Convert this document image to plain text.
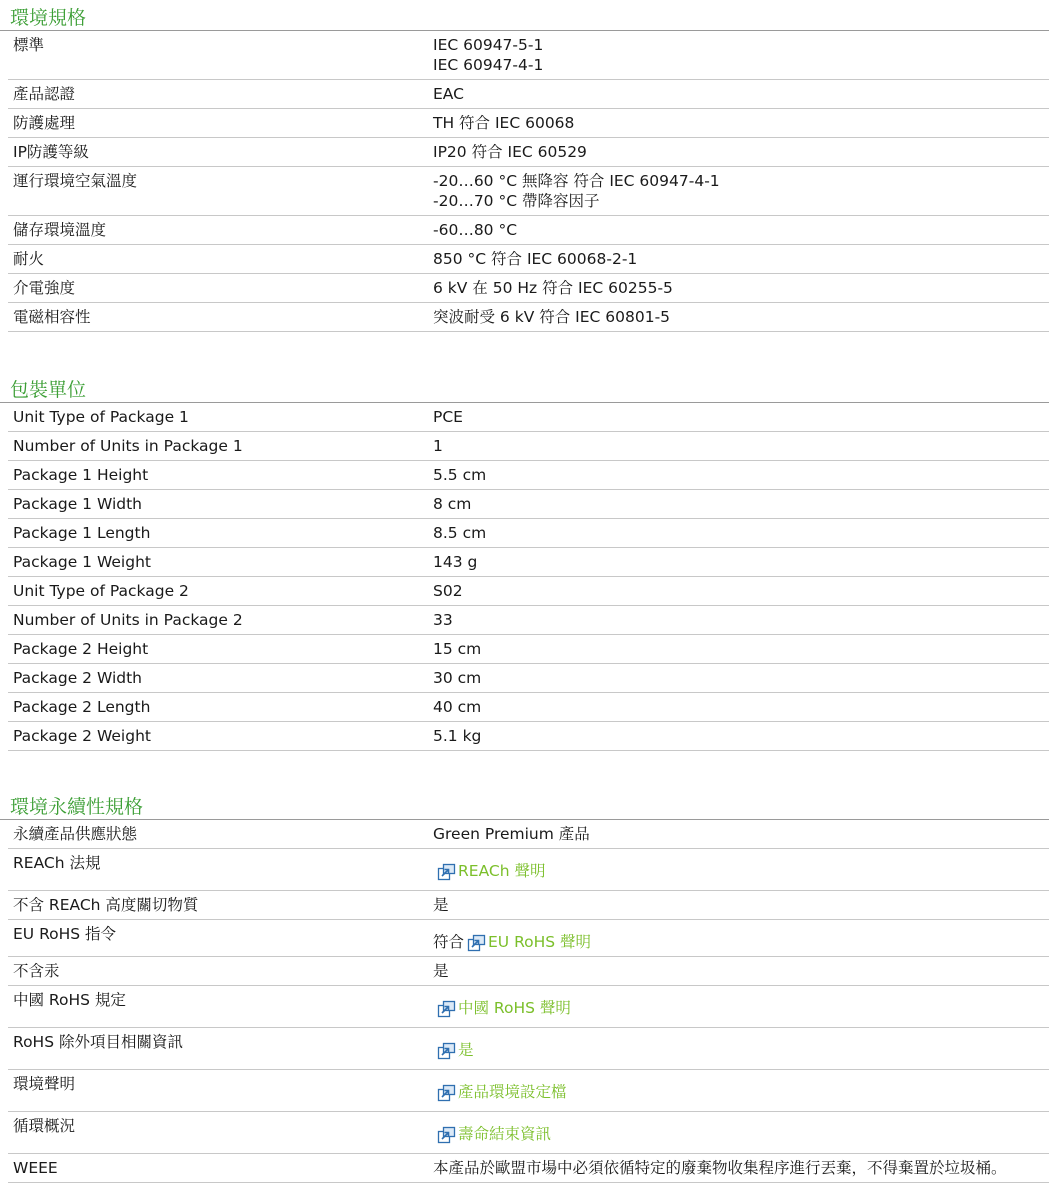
環境規格
標準	IEC 60947-5-1
IEC 60947-4-1
產品認證	EAC
防護處理	TH 符合 IEC 60068
IP防護等級	IP20 符合 IEC 60529
運行環境空氣溫度	-20…60 °C 無降容 符合 IEC 60947-4-1
-20…70 °C 帶降容因子
儲存環境溫度	-60…80 °C
耐火	850 °C 符合 IEC 60068-2-1
介電強度	6 kV 在 50 Hz 符合 IEC 60255-5
電磁相容性	突波耐受 6 kV 符合 IEC 60801-5
包裝單位
Unit Type of Package 1	PCE
Number of Units in Package 1	1
Package 1 Height	5.5 cm
Package 1 Width	8 cm
Package 1 Length	8.5 cm
Package 1 Weight	143 g
Unit Type of Package 2	S02
Number of Units in Package 2	33
Package 2 Height	15 cm
Package 2 Width	30 cm
Package 2 Length	40 cm
Package 2 Weight	5.1 kg
環境永續性規格
永續產品供應狀態	Green Premium 產品
REACh 法規	REACh 聲明
不含 REACh 高度關切物質	是
EU RoHS 指令	符合 EU RoHS 聲明
不含汞	是
中國 RoHS 規定	中國 RoHS 聲明
RoHS 除外項目相關資訊	是
環境聲明	產品環境設定檔
循環概況	壽命結束資訊
WEEE	本產品於歐盟市場中必須依循特定的廢棄物收集程序進行丟棄，不得棄置於垃圾桶。
